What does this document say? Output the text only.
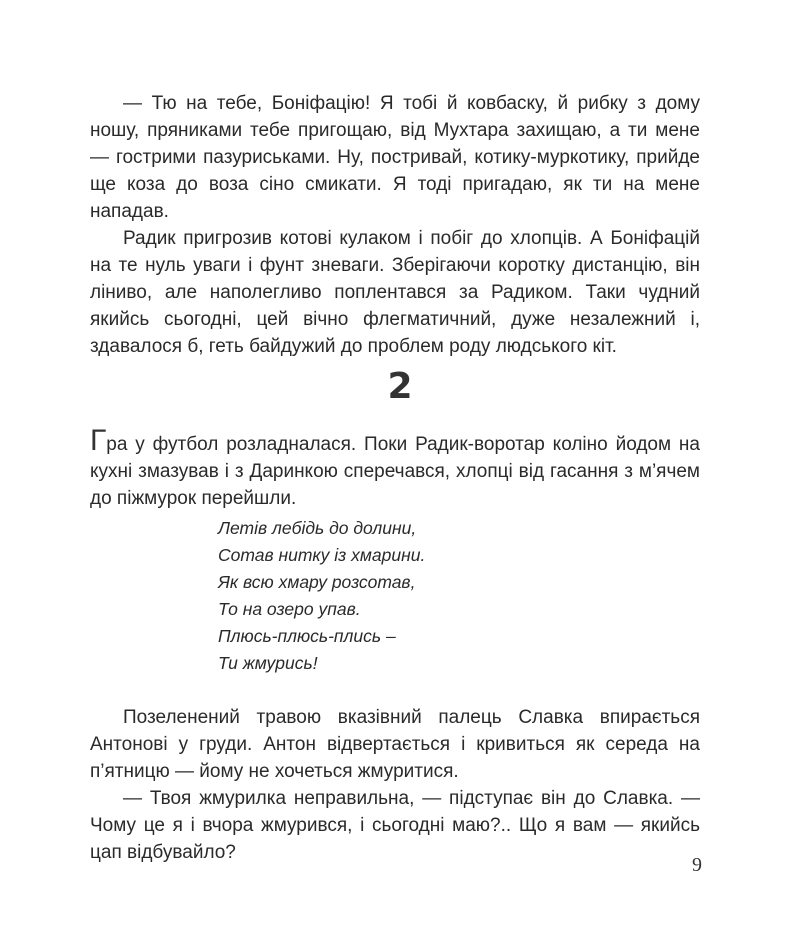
— Тю на тебе, Боніфацію! Я тобі й ковбаску, й рибку з дому ношу, пряниками тебе пригощаю, від Мухтара захищаю, а ти мене — гострими пазуриськами. Ну, постривай, котику-муркотику, прийде ще коза до воза сіно смикати. Я тоді пригадаю, як ти на мене нападав.

Радик пригрозив котові кулаком і побіг до хлопців. А Боніфацій на те нуль уваги і фунт зневаги. Зберігаючи коротку дистанцію, він ліниво, але наполегливо поплентався за Радиком. Таки чудний якийсь сьогодні, цей вічно флегматичний, дуже незалежний і, здавалося б, геть байдужий до проблем роду людського кіт.

2

Гра у футбол розладналася. Поки Радик-воротар коліно йодом на кухні змазував і з Даринкою сперечався, хлопці від гасання з м’ячем до піжмурок перейшли.

Летів лебідь до долини,
Сотав нитку із хмарини.
Як всю хмару розсотав,
То на озеро упав.
Плюсь-плюсь-плись –
Ти жмурись!

Позеленений травою вказівний палець Славка впирається Антонові у груди. Антон відвертається і кривиться як середа на п’ятницю — йому не хочеться жмуритися.

— Твоя жмурилка неправильна, — підступає він до Славка. — Чому це я і вчора жмурився, і сьогодні маю?.. Що я вам — якийсь цап відбувайло?

9
